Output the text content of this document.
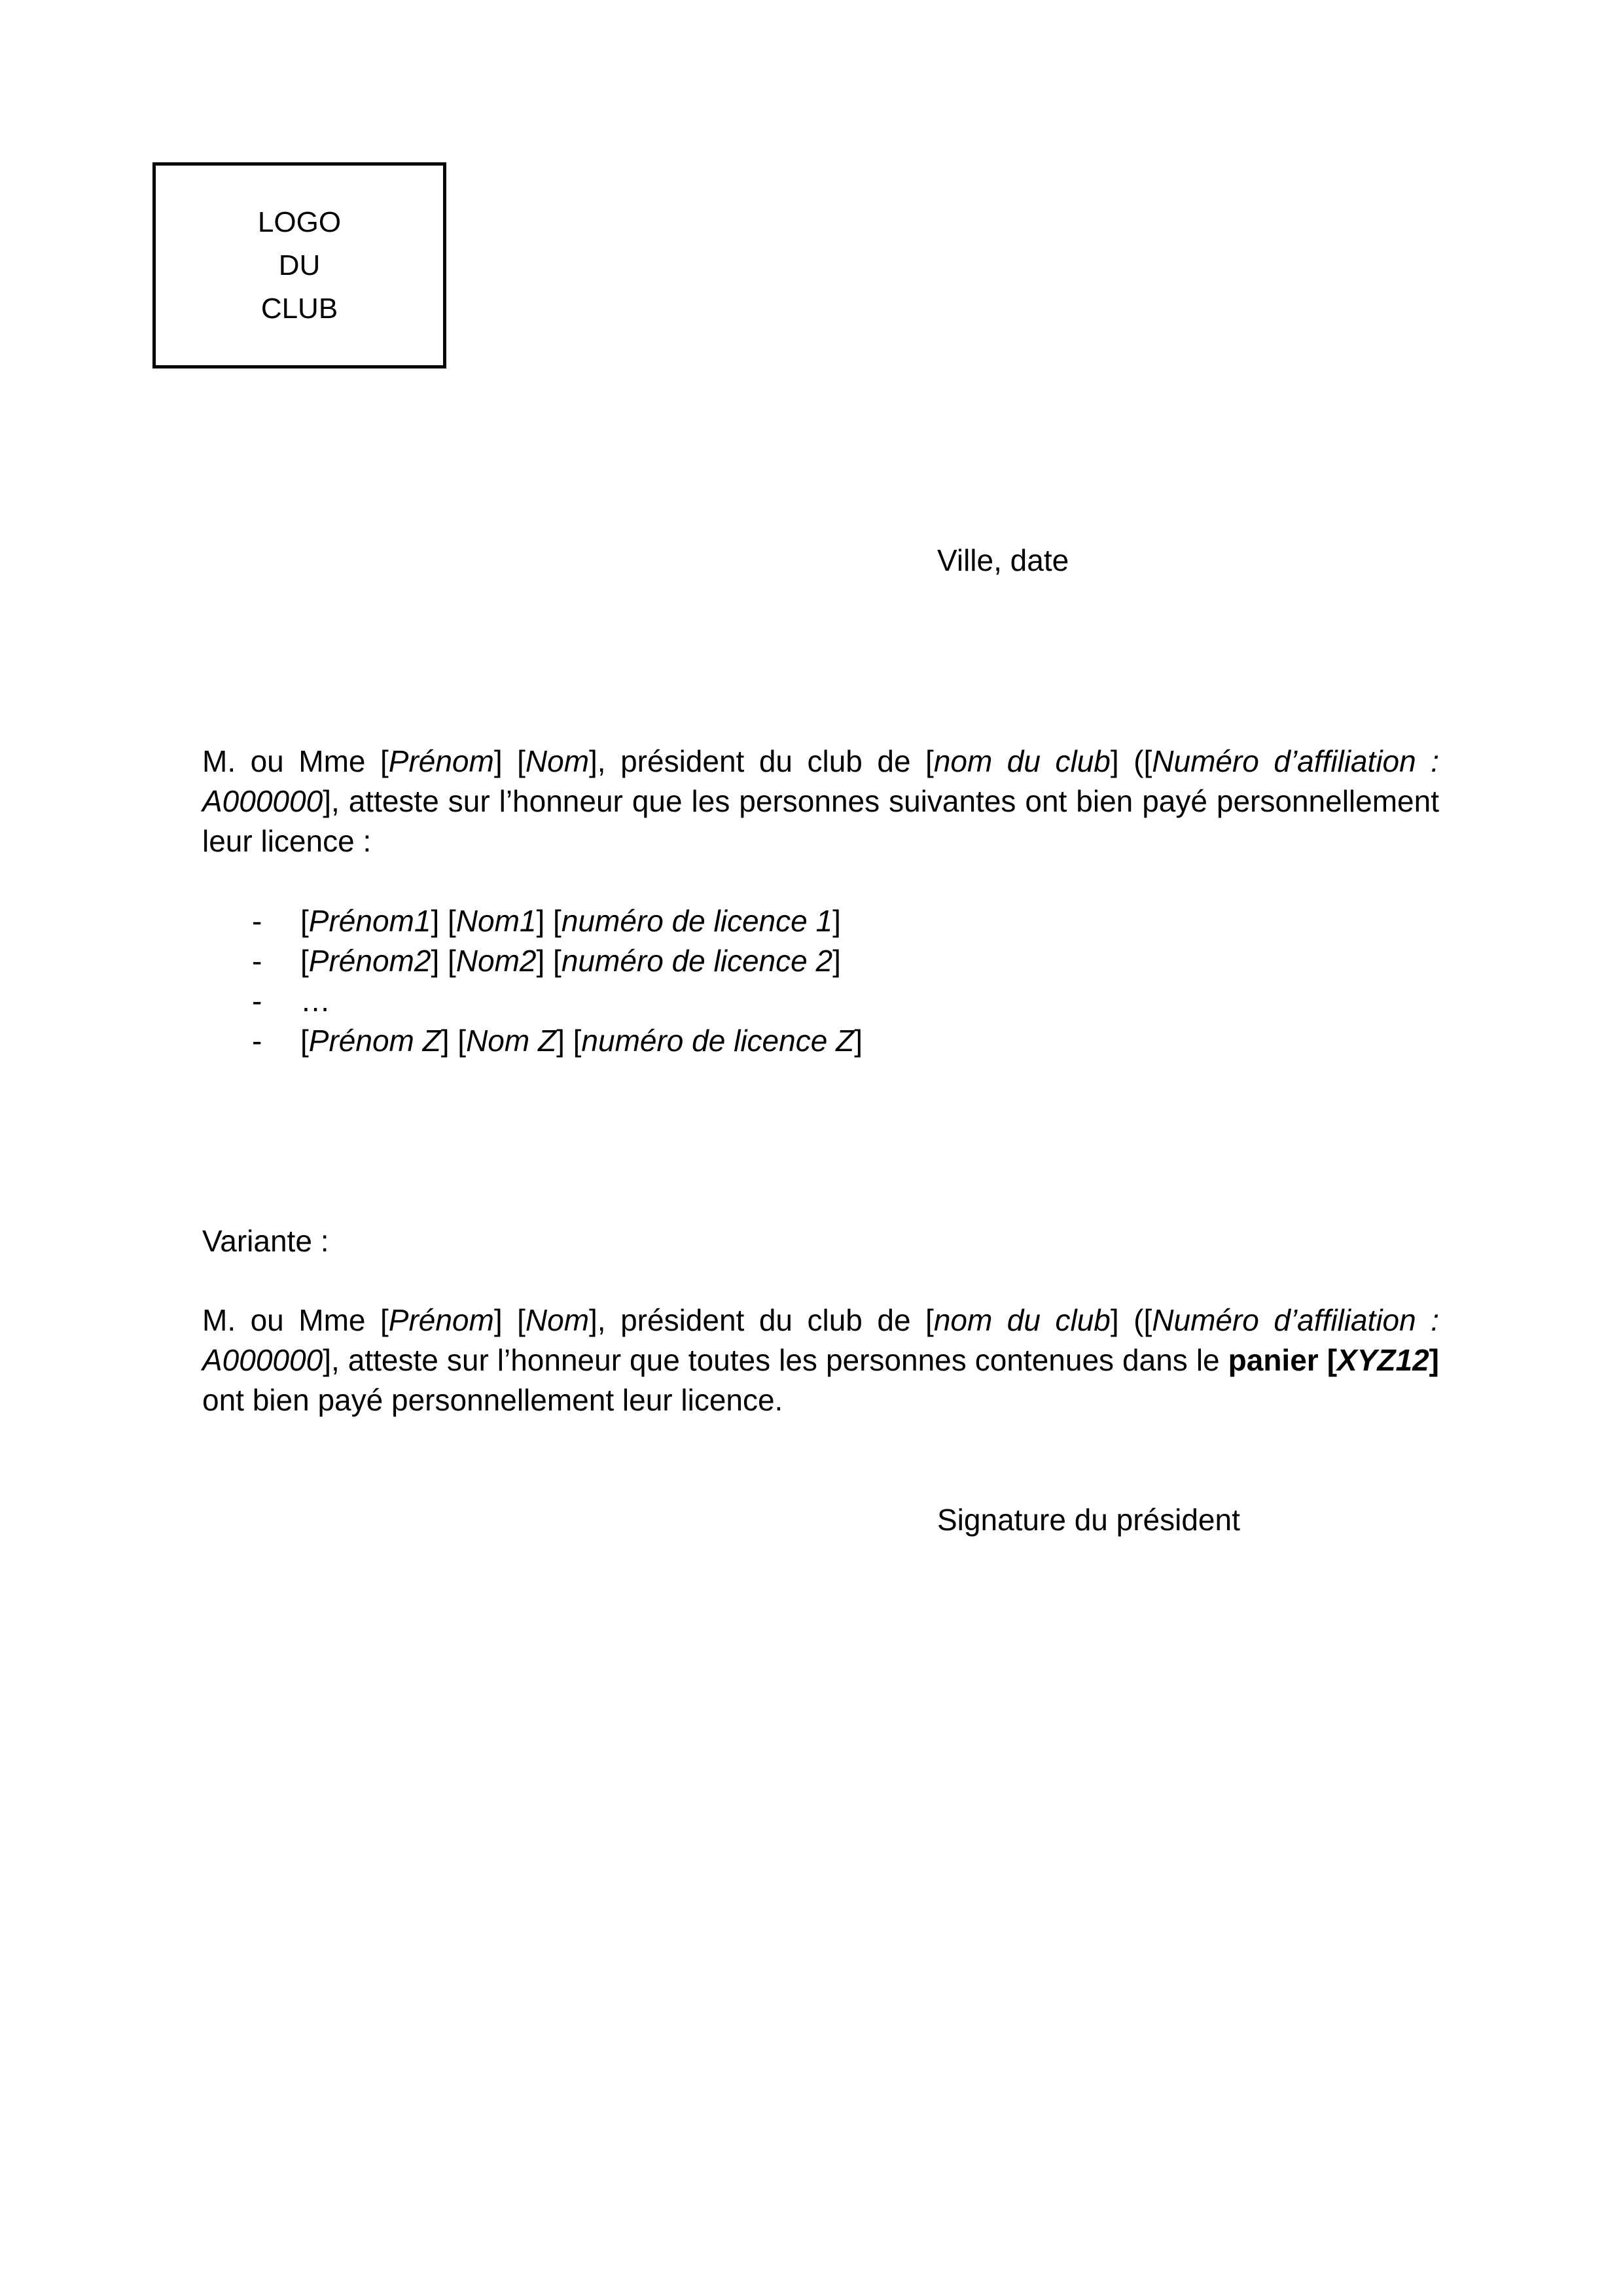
LOGO
DU
CLUB
Ville, date

M. ou Mme [Prénom] [Nom], président du club de [nom du club] ([Numéro d’affiliation : A000000], atteste sur l’honneur que les personnes suivantes ont bien payé personnellement leur licence :

-	[Prénom1] [Nom1] [numéro de licence 1]
-	[Prénom2] [Nom2] [numéro de licence 2]
-	…
-	[Prénom Z] [Nom Z] [numéro de licence Z]
Variante :

M. ou Mme [Prénom] [Nom], président du club de [nom du club] ([Numéro d’affiliation : A000000], atteste sur l’honneur que toutes les personnes contenues dans le panier [XYZ12] ont bien payé personnellement leur licence.

Signature du président
